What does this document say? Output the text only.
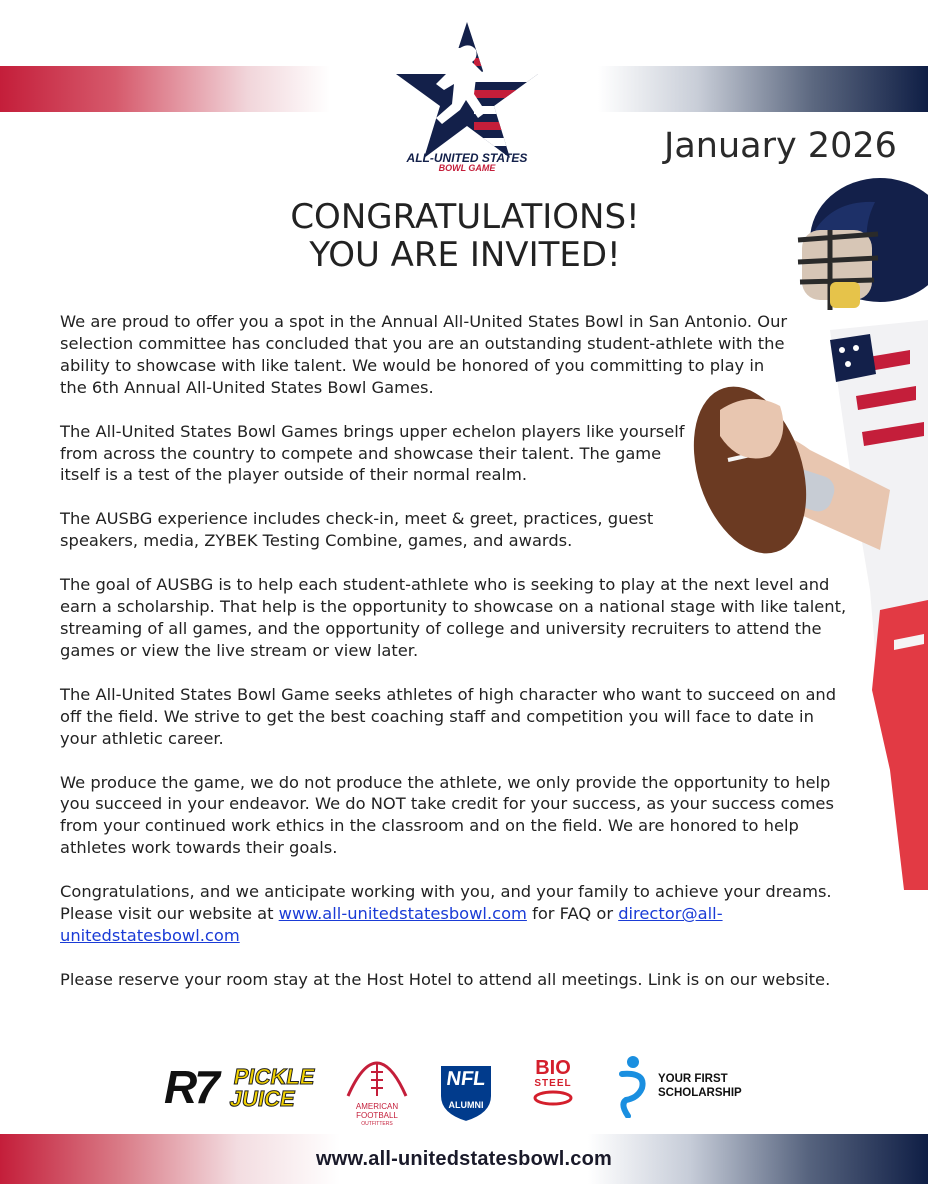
ALL-UNITED STATES
BOWL GAME
January 2026
CONGRATULATIONS!
YOU ARE INVITED!

We are proud to offer you a spot in the Annual All-United States Bowl in San Antonio. Our selection committee has concluded that you are an outstanding student-athlete with the ability to showcase with like talent. We would be honored of you committing to play in the 6th Annual All-United States Bowl Games.

The All-United States Bowl Games brings upper echelon players like yourself from across the country to compete and showcase their talent. The game itself is a test of the player outside of their normal realm.

The AUSBG experience includes check-in, meet & greet, practices, guest speakers, media, ZYBEK Testing Combine, games, and awards.

The goal of AUSBG is to help each student-athlete who is seeking to play at the next level and earn a scholarship. That help is the opportunity to showcase on a national stage with like talent, streaming of all games, and the opportunity of college and university recruiters to attend the games or view the live stream or view later.

The All-United States Bowl Game seeks athletes of high character who want to succeed on and off the field. We strive to get the best coaching staff and competition you will face to date in your athletic career.

We produce the game, we do not produce the athlete, we only provide the opportunity to help you succeed in your endeavor. We do NOT take credit for your success, as your success comes from your continued work ethics in the classroom and on the field. We are honored to help athletes work towards their goals.

Congratulations, and we anticipate working with you, and your family to achieve your dreams. Please visit our website at www.all-unitedstatesbowl.com for FAQ or director@all-unitedstatesbowl.com

Please reserve your room stay at the Host Hotel to attend all meetings. Link is on our website.

R7 PICKLE
JUICE	AMERICAN
FOOTBALL
OUTFITTERS
NFL
ALUMNI
BIO
STEEL	YOUR FIRST
SCHOLARSHIP
www.all-unitedstatesbowl.com
